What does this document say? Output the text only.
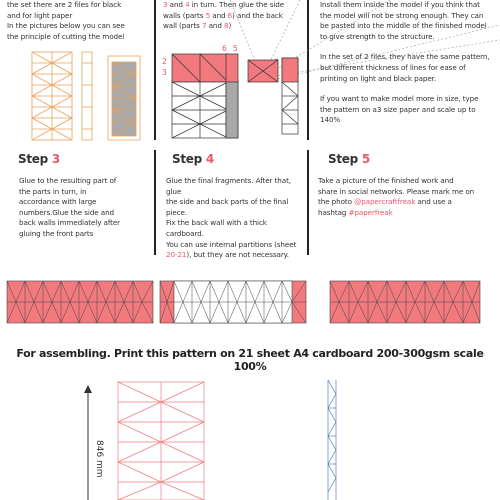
the set there are 2 files for black
and for light paper
In the pictures below you can see
the principle of cutting the model
3 and 4 in turn. Then glue the side
walls (parts 5 and 6) and the back
wall (parts 7 and 8)
Install them inside the model if you think that
the model will not be strong enough. They can
be pasted into the middle of the finished model
to give strength to the structure.
In the set of 2 files, they have the same pattern,
but different thickness of lines for ease of
printing on light and black paper.
If you want to make model more in size, type
the pattern on a3 size paper and scale up to
140%
2
3
6 5
Step 3	Step 4	Step 5
Glue to the resulting part of
the parts in turn, in
accordance with large
numbers.Glue the side and
back walls immediately after
gluing the front parts
Glue the final fragments. After that, glue
the side and back parts of the final piece.
Fix the back wall with a thick cardboard.
You can use internal partitions (sheet
20-21), but they are not necessary.
Take a picture of the finished work and
share in social networks. Please mark me on
the photo @papercraftfreak and use a
hashtag #paperfreak
For assembling. Print this pattern on 21 sheet A4 cardboard 200-300gsm scale 100%
846 mm
